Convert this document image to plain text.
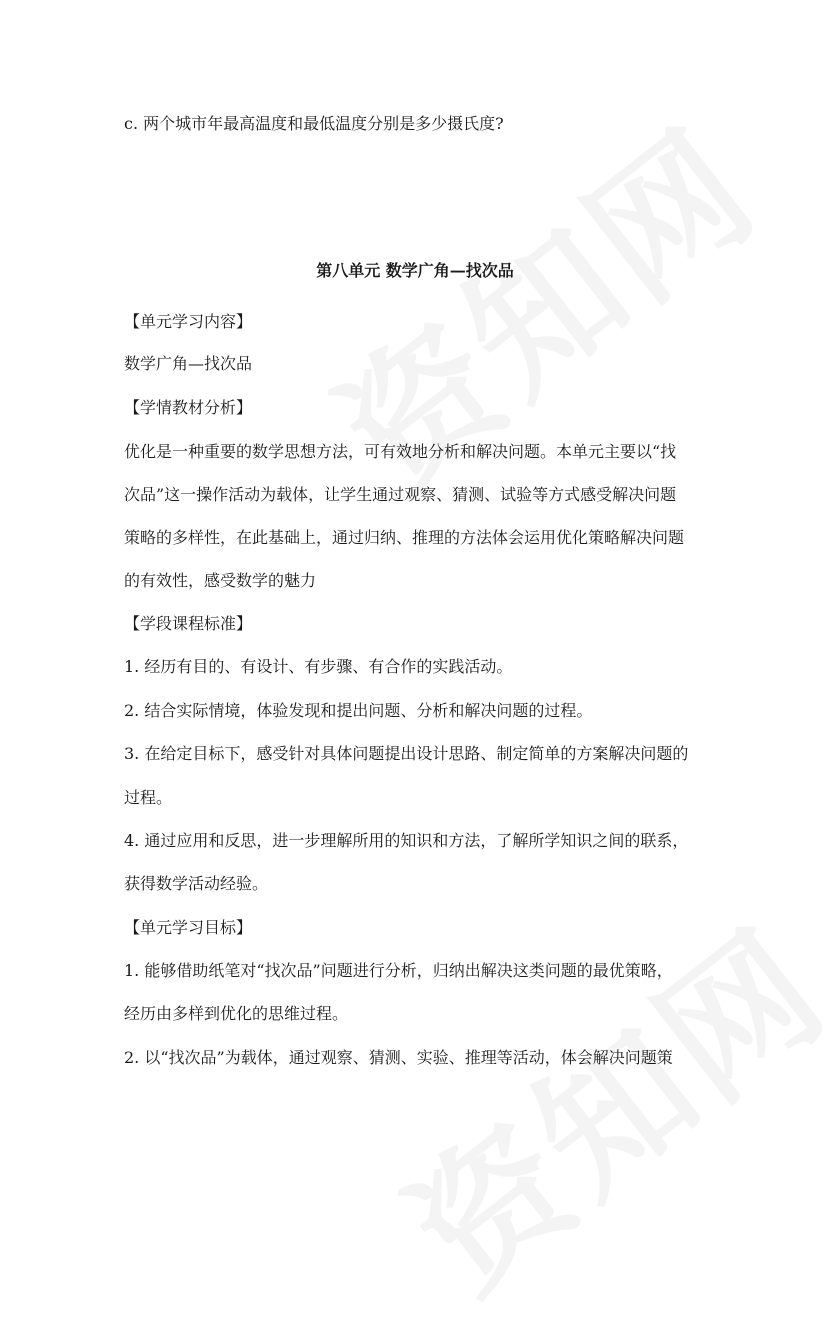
c. 两个城市年最高温度和最低温度分别是多少摄氏度?
第八单元 数学广角—找次品
【单元学习内容】
数学广角—找次品
【学情教材分析】
优化是一种重要的数学思想方法，可有效地分析和解决问题。本单元主要以“找
次品”这一操作活动为载体，让学生通过观察、猜测、试验等方式感受解决问题
策略的多样性，在此基础上，通过归纳、推理的方法体会运用优化策略解决问题
的有效性，感受数学的魅力
【学段课程标准】
1. 经历有目的、有设计、有步骤、有合作的实践活动。
2. 结合实际情境，体验发现和提出问题、分析和解决问题的过程。
3. 在给定目标下，感受针对具体问题提出设计思路、制定简单的方案解决问题的
过程。
4. 通过应用和反思，进一步理解所用的知识和方法，了解所学知识之间的联系，
获得数学活动经验。
【单元学习目标】
1. 能够借助纸笔对“找次品”问题进行分析，归纳出解决这类问题的最优策略，
经历由多样到优化的思维过程。
2. 以“找次品”为载体，通过观察、猜测、实验、推理等活动，体会解决问题策
